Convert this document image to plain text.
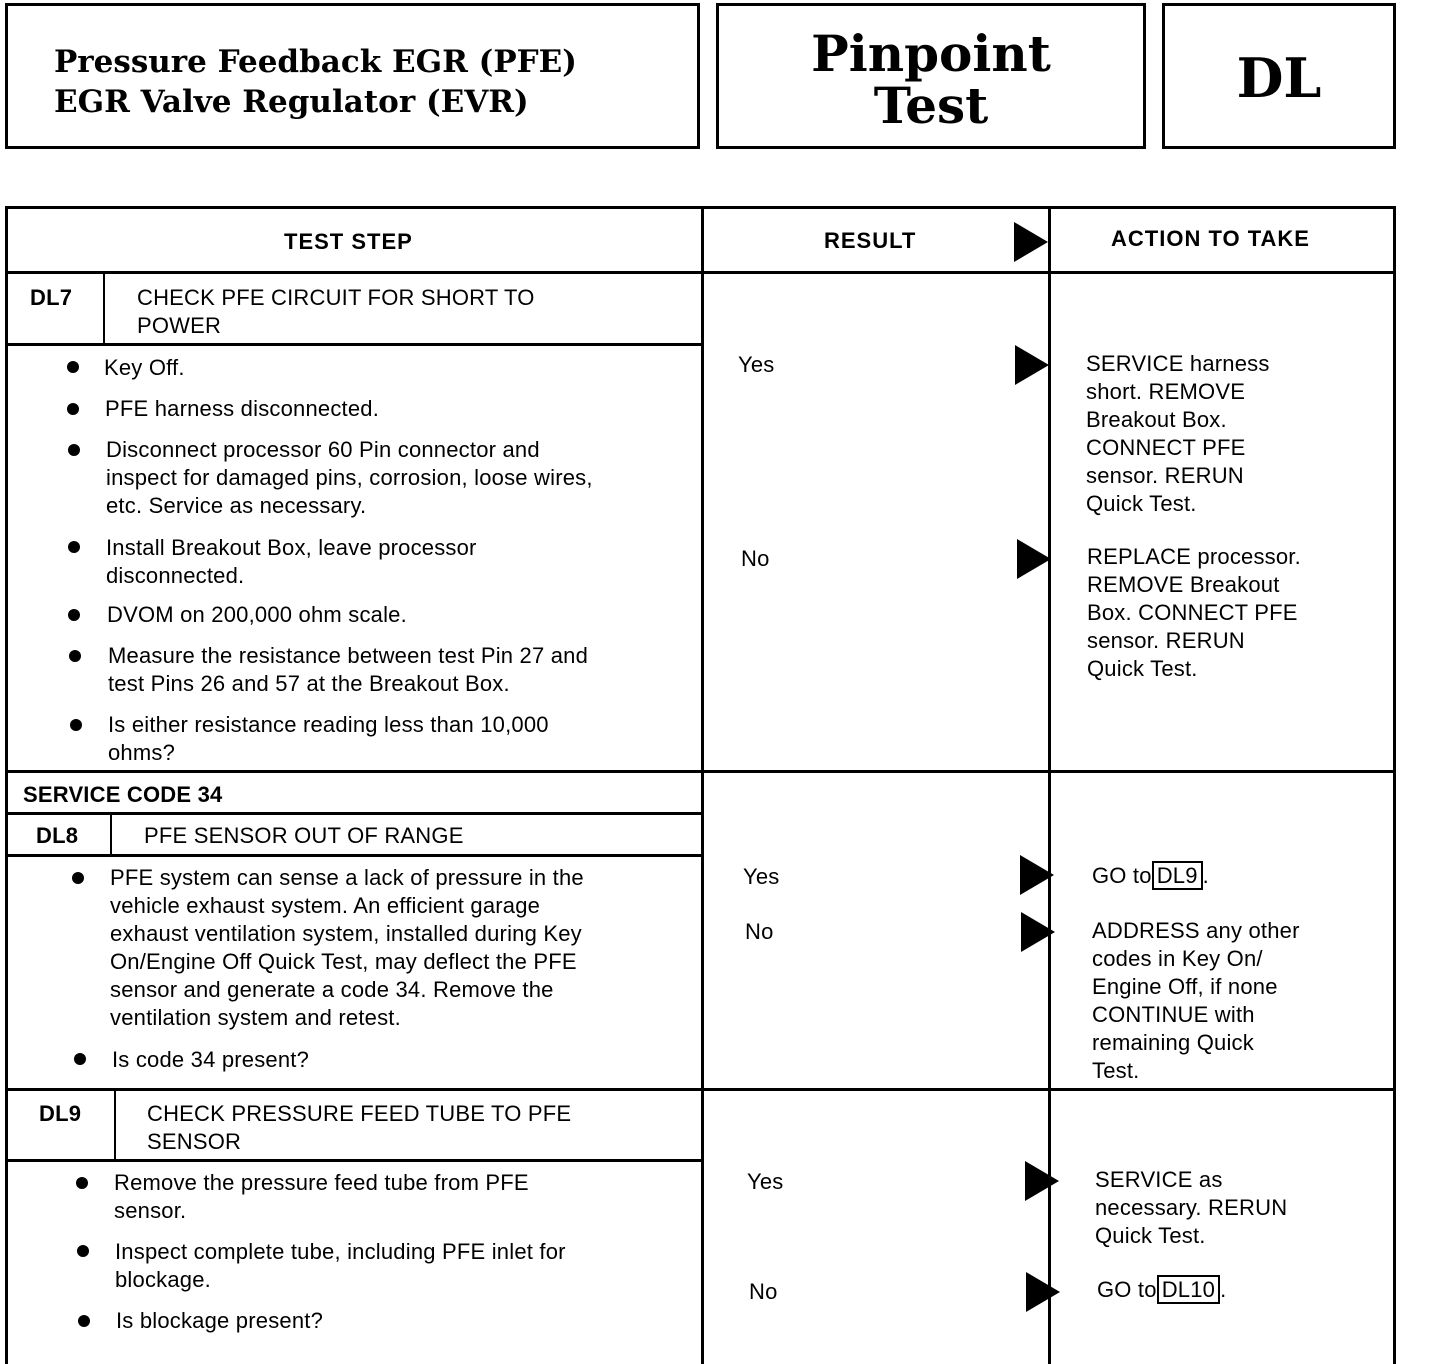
Pressure Feedback EGR (PFE)
EGR Valve Regulator (EVR)
Pinpoint
Test	DL
TEST STEP	RESULT	ACTION TO TAKE
DL7	CHECK PFE CIRCUIT FOR SHORT TO
POWER
Key Off.
PFE harness disconnected.
Disconnect processor 60 Pin connector and
inspect for damaged pins, corrosion, loose wires,
etc. Service as necessary.
Install Breakout Box, leave processor
disconnected.
DVOM on 200,000 ohm scale.
Measure the resistance between test Pin 27 and
test Pins 26 and 57 at the Breakout Box.
Is either resistance reading less than 10,000
ohms?
Yes	SERVICE harness
short. REMOVE
Breakout Box.
CONNECT PFE
sensor. RERUN
Quick Test.
No	REPLACE processor.
REMOVE Breakout
Box. CONNECT PFE
sensor. RERUN
Quick Test.
SERVICE CODE 34
DL8	PFE SENSOR OUT OF RANGE
PFE system can sense a lack of pressure in the
vehicle exhaust system. An efficient garage
exhaust ventilation system, installed during Key
On/Engine Off Quick Test, may deflect the PFE
sensor and generate a code 34. Remove the
ventilation system and retest.
Is code 34 present?
Yes	GO to DL9 .
No	ADDRESS any other
codes in Key On/
Engine Off, if none
CONTINUE with
remaining Quick
Test.
DL9	CHECK PRESSURE FEED TUBE TO PFE
SENSOR
Remove the pressure feed tube from PFE
sensor.
Inspect complete tube, including PFE inlet for
blockage.
Is blockage present?
Yes	SERVICE as
necessary. RERUN
Quick Test.
No	GO to DL10 .
